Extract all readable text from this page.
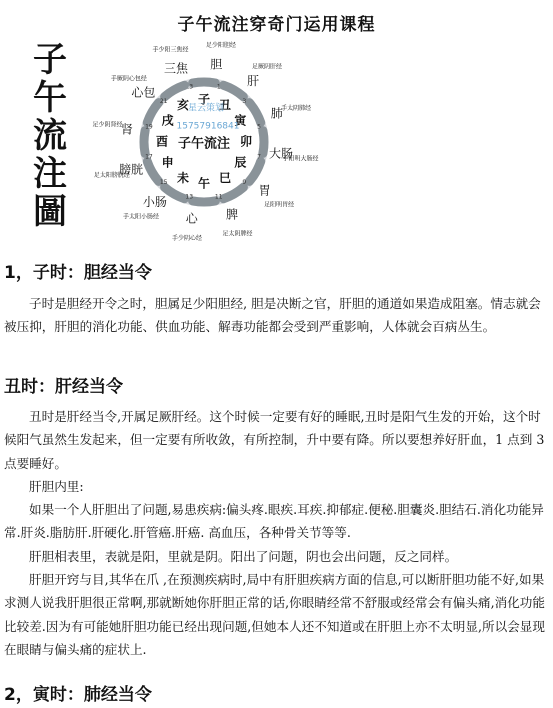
子午流注穿奇门运用课程
子
午
流
注
圖
子
胆
足少阳胆经
23
丑
肝
足厥阴肝经
1
寅 肺
手太阴肺经
3
卯
大肠
手阳明大肠经
5
辰
胃
足阳明胃经
7
巳
脾
足太阴脾经
9
午
心
手少阴心经
11
未
小肠
手太阳小肠经
13
申
膀胱
足太阳膀胱经
15
酉
肾
足少阴肾经
17
戌
心包
手厥阴心包经
19
亥
三焦
手少阳三焦经
21
子午流注
星云策划
15757916841
1，子时：胆经当令

子时是胆经开令之时，胆属足少阳胆经, 胆是决断之官，肝胆的通道如果造成阻塞。情志就会被压抑，肝胆的消化功能、供血功能、解毒功能都会受到严重影响，人体就会百病丛生。

丑时：肝经当令

丑时是肝经当令,开属足厥肝经。这个时候一定要有好的睡眠,丑时是阳气生发的开始，这个时候阳气虽然生发起来，但一定要有所收敛，有所控制，升中要有降。所以要想养好肝血，1 点到 3 点要睡好。

肝胆内里:

如果一个人肝胆出了问题,易患疾病:偏头疼.眼疾.耳疾.抑郁症.便秘.胆囊炎.胆结石.消化功能异常.肝炎.脂肪肝.肝硬化.肝管癌.肝癌. 高血压，各种骨关节等等.

肝胆相表里，表就是阳，里就是阴。阳出了问题，阴也会出问题，反之同样。

肝胆开窍与目,其华在爪 ,在预测疾病时,局中有肝胆疾病方面的信息,可以断肝胆功能不好,如果求测人说我肝胆很正常啊,那就断她你肝胆正常的话,你眼睛经常不舒服或经常会有偏头痛,消化功能比较差.因为有可能她肝胆功能已经出现问题,但她本人还不知道或在肝胆上亦不太明显,所以会显现在眼睛与偏头痛的症状上.

2，寅时：肺经当令
